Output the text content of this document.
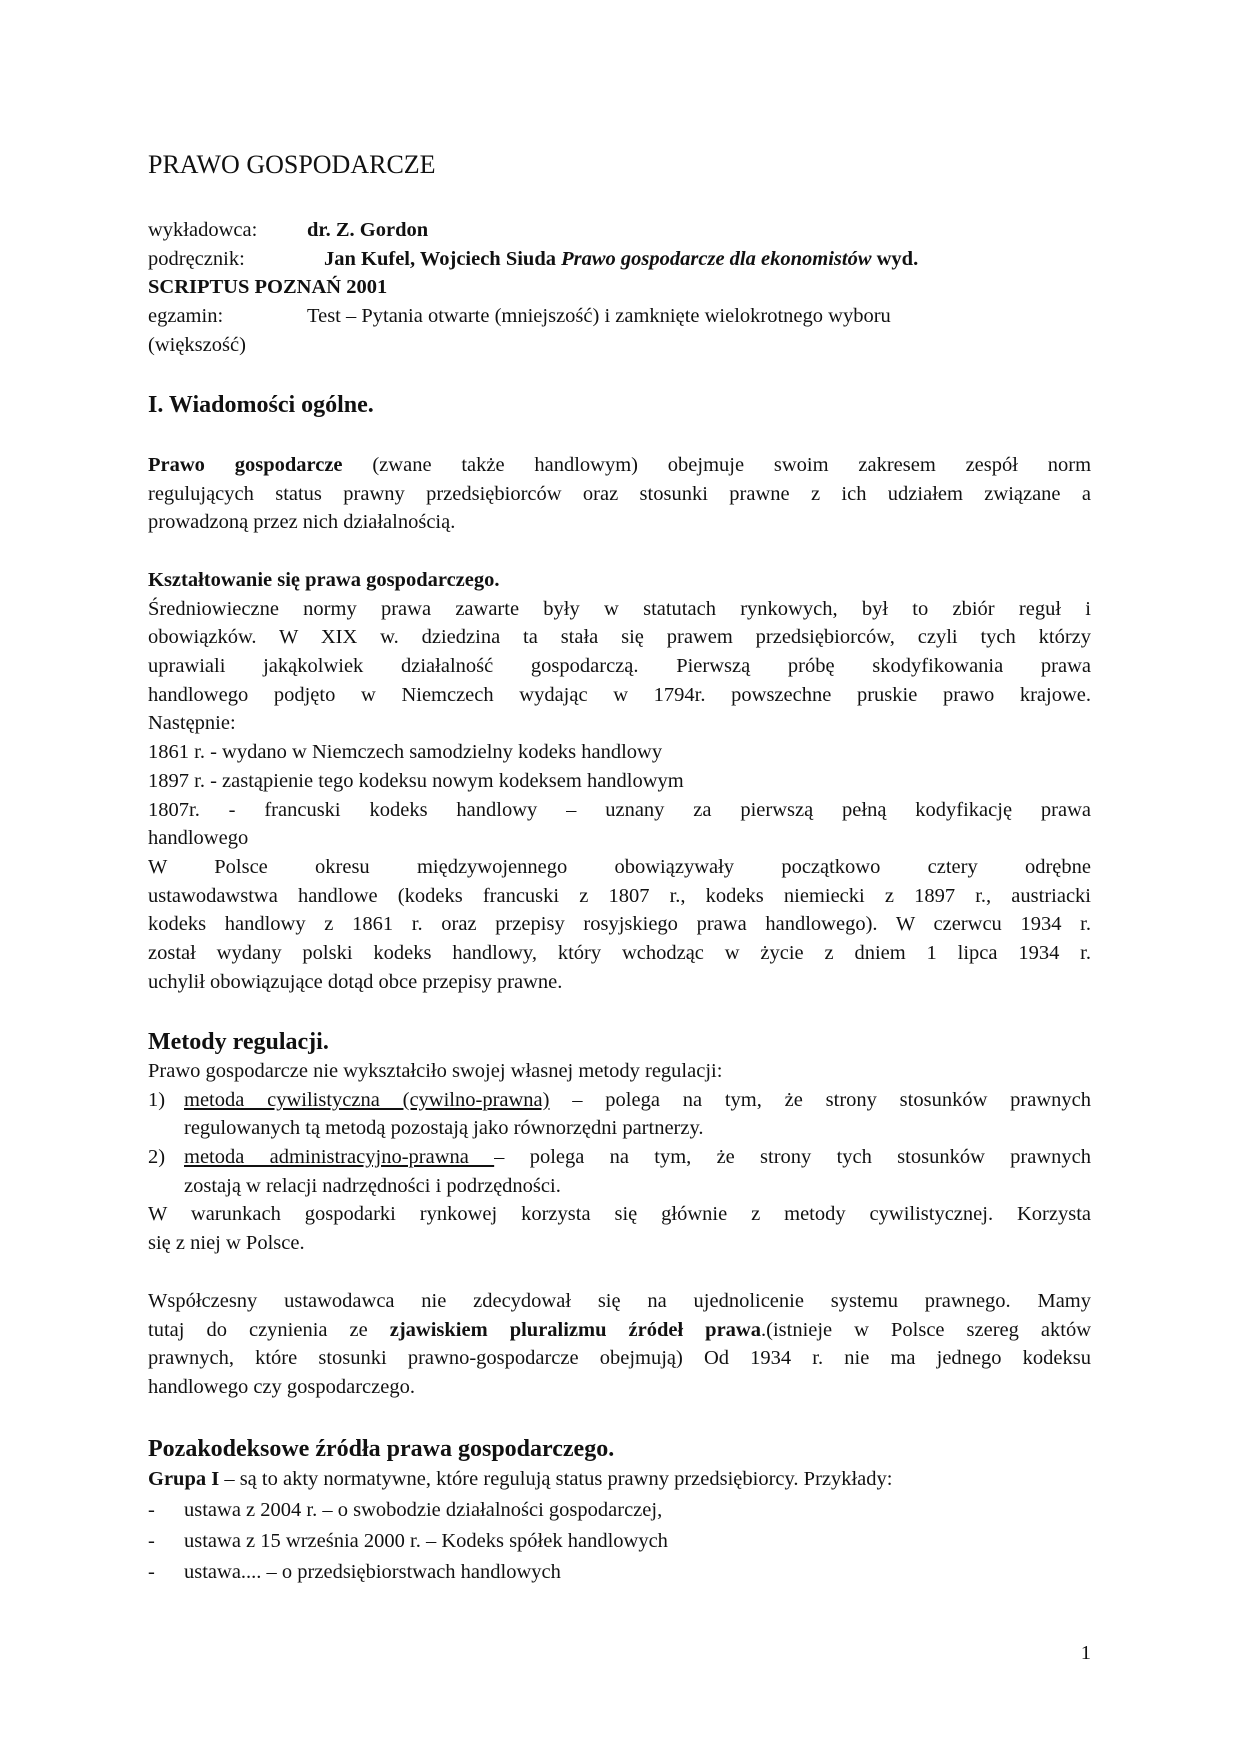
PRAWO GOSPODARCZE
wykładowca: dr. Z. Gordon
podręcznik:	Jan Kufel, Wojciech Siuda Prawo gospodarcze dla ekonomistów wyd.
SCRIPTUS POZNAŃ 2001
egzamin:	Test – Pytania otwarte (mniejszość) i zamknięte wielokrotnego wyboru
(większość)
I. Wiadomości ogólne.
Prawo gospodarcze (zwane także handlowym) obejmuje swoim zakresem zespół norm
regulujących status prawny przedsiębiorców oraz stosunki prawne z ich udziałem związane a
prowadzoną przez nich działalnością.
Kształtowanie się prawa gospodarczego.
Średniowieczne normy prawa zawarte były w statutach rynkowych, był to zbiór reguł i
obowiązków. W XIX w. dziedzina ta stała się prawem przedsiębiorców, czyli tych którzy
uprawiali jakąkolwiek działalność gospodarczą. Pierwszą próbę skodyfikowania prawa
handlowego podjęto w Niemczech wydając w 1794r. powszechne pruskie prawo krajowe.
Następnie:
1861 r. - wydano w Niemczech samodzielny kodeks handlowy
1897 r. - zastąpienie tego kodeksu nowym kodeksem handlowym
1807r. - francuski kodeks handlowy – uznany za pierwszą pełną kodyfikację prawa
handlowego
W Polsce okresu międzywojennego obowiązywały początkowo cztery odrębne
ustawodawstwa handlowe (kodeks francuski z 1807 r., kodeks niemiecki z 1897 r., austriacki
kodeks handlowy z 1861 r. oraz przepisy rosyjskiego prawa handlowego). W czerwcu 1934 r.
został wydany polski kodeks handlowy, który wchodząc w życie z dniem 1 lipca 1934 r.
uchylił obowiązujące dotąd obce przepisy prawne.
Metody regulacji.
Prawo gospodarcze nie wykształciło swojej własnej metody regulacji:
1) metoda cywilistyczna (cywilno-prawna) – polega na tym, że strony stosunków prawnych
regulowanych tą metodą pozostają jako równorzędni partnerzy.
2) metoda administracyjno-prawna – polega na tym, że strony tych stosunków prawnych
zostają w relacji nadrzędności i podrzędności.
W warunkach gospodarki rynkowej korzysta się głównie z metody cywilistycznej. Korzysta
się z niej w Polsce.
Współczesny ustawodawca nie zdecydował się na ujednolicenie systemu prawnego. Mamy
tutaj do czynienia ze zjawiskiem pluralizmu źródeł prawa.(istnieje w Polsce szereg aktów
prawnych, które stosunki prawno-gospodarcze obejmują) Od 1934 r. nie ma jednego kodeksu
handlowego czy gospodarczego.
Pozakodeksowe źródła prawa gospodarczego.
Grupa I – są to akty normatywne, które regulują status prawny przedsiębiorcy. Przykłady:
-	ustawa z 2004 r. – o swobodzie działalności gospodarczej,
-	ustawa z 15 września 2000 r. – Kodeks spółek handlowych
-	ustawa.... – o przedsiębiorstwach handlowych
1
